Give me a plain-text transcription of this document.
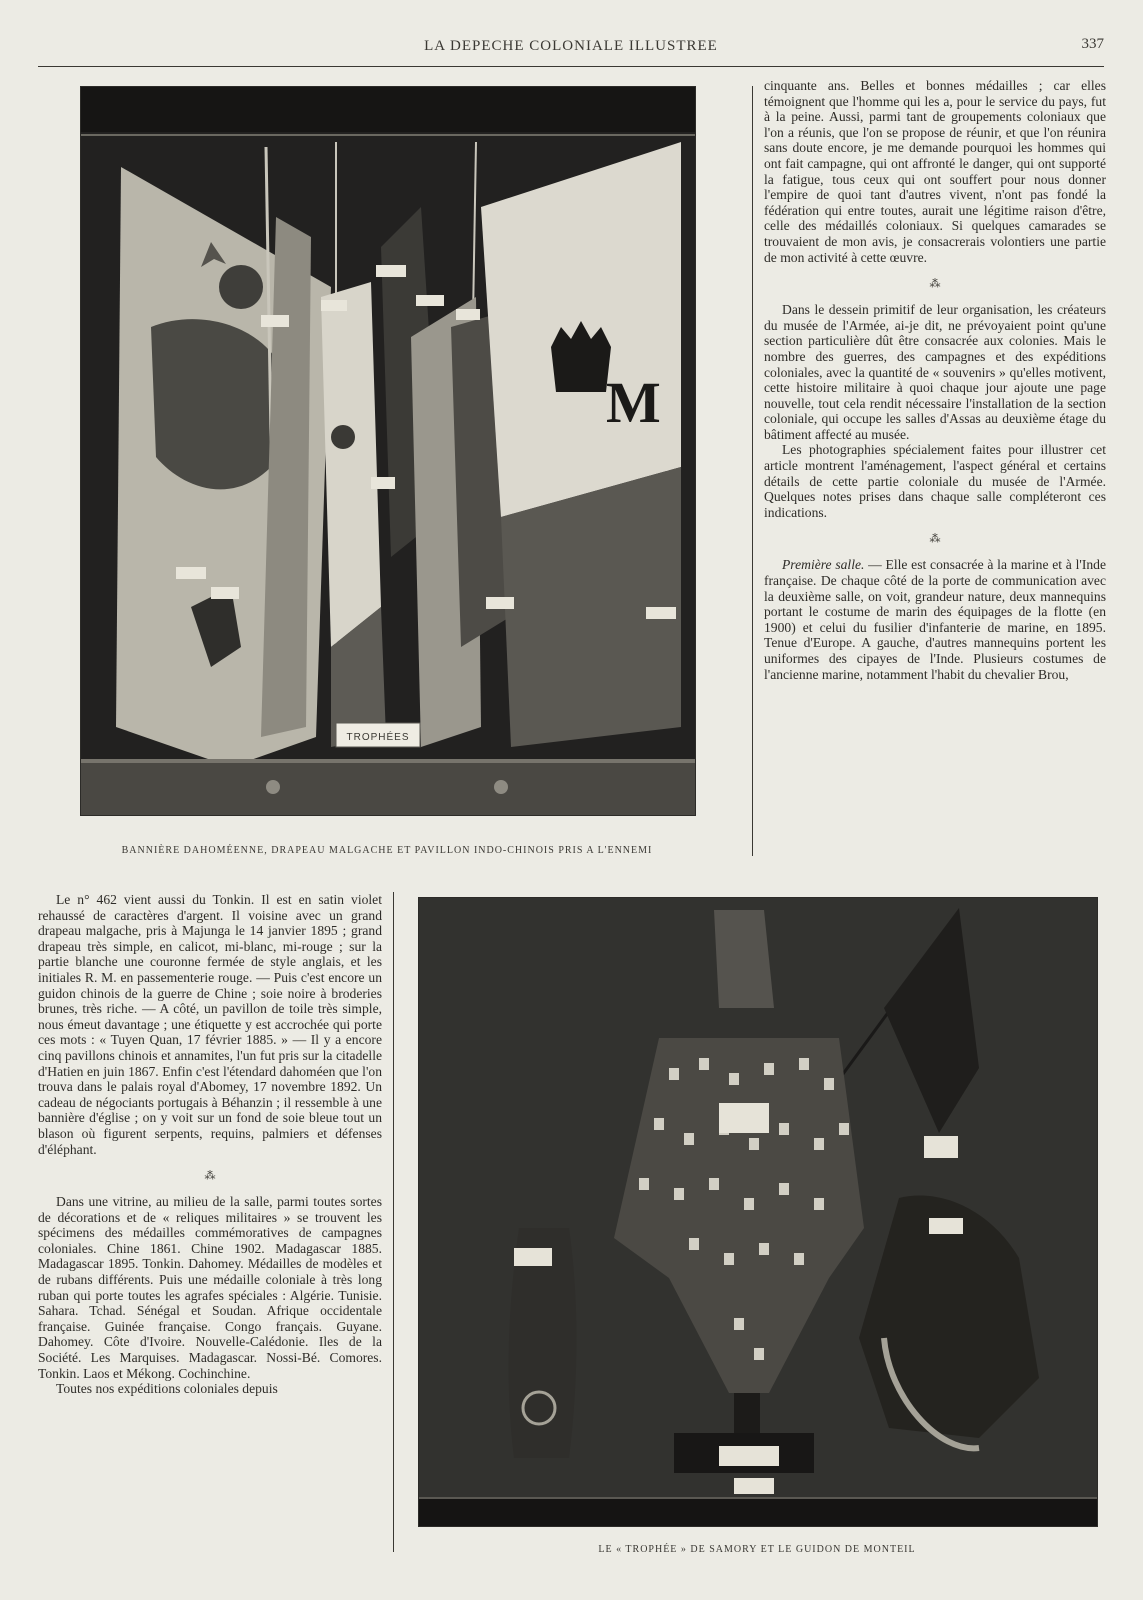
LA DEPECHE COLONIALE ILLUSTREE	337
M
TROPHÉES
BANNIÈRE DAHOMÉENNE, DRAPEAU MALGACHE ET PAVILLON INDO-CHINOIS PRIS A L'ENNEMI

cinquante ans. Belles et bonnes médailles ; car elles témoignent que l'homme qui les a, pour le service du pays, fut à la peine. Aussi, parmi tant de groupements coloniaux que l'on a réunis, que l'on se propose de réunir, et que l'on réunira sans doute encore, je me demande pourquoi les hommes qui ont fait campagne, qui ont affronté le danger, qui ont supporté la fatigue, tous ceux qui ont souffert pour nous donner l'empire de quoi tant d'autres vivent, n'ont pas fondé la fédération qui entre toutes, aurait une légitime raison d'être, celle des médaillés coloniaux. Si quelques camarades se trouvaient de mon avis, je consacrerais volontiers une partie de mon activité à cette œuvre.

⁂

Dans le dessein primitif de leur organisation, les créateurs du musée de l'Armée, ai-je dit, ne prévoyaient point qu'une section particulière dût être consacrée aux colonies. Mais le nombre des guerres, des campagnes et des expéditions coloniales, avec la quantité de « souvenirs » qu'elles motivent, cette histoire militaire à quoi chaque jour ajoute une page nouvelle, tout cela rendit nécessaire l'installation de la section coloniale, qui occupe les salles d'Assas au deuxième étage du bâtiment affecté au musée.

Les photographies spécialement faites pour illustrer cet article montrent l'aménagement, l'aspect général et certains détails de cette partie coloniale du musée de l'Armée. Quelques notes prises dans chaque salle compléteront ces indications.

⁂

Première salle. — Elle est consacrée à la marine et à l'Inde française. De chaque côté de la porte de communication avec la deuxième salle, on voit, grandeur nature, deux mannequins portant le costume de marin des équipages de la flotte (en 1900) et celui du fusilier d'infanterie de marine, en 1895. Tenue d'Europe. A gauche, d'autres mannequins portent les uniformes des cipayes de l'Inde. Plusieurs costumes de l'ancienne marine, notamment l'habit du chevalier Brou,

Le n° 462 vient aussi du Tonkin. Il est en satin violet rehaussé de caractères d'argent. Il voisine avec un grand drapeau malgache, pris à Majunga le 14 janvier 1895 ; grand drapeau très simple, en calicot, mi-blanc, mi-rouge ; sur la partie blanche une couronne fermée de style anglais, et les initiales R. M. en passementerie rouge. — Puis c'est encore un guidon chinois de la guerre de Chine ; soie noire à broderies brunes, très riche. — A côté, un pavillon de toile très simple, nous émeut davantage ; une étiquette y est accrochée qui porte ces mots : « Tuyen Quan, 17 février 1885. » — Il y a encore cinq pavillons chinois et annamites, l'un fut pris sur la citadelle d'Hatien en juin 1867. Enfin c'est l'étendard dahoméen que l'on trouva dans le palais royal d'Abomey, 17 novembre 1892. Un cadeau de négociants portugais à Béhanzin ; il ressemble à une bannière d'église ; on y voit sur un fond de soie bleue tout un blason où figurent serpents, requins, palmiers et défenses d'éléphant.

⁂

Dans une vitrine, au milieu de la salle, parmi toutes sortes de décorations et de « reliques militaires » se trouvent les spécimens des médailles commémoratives de campagnes coloniales. Chine 1861. Chine 1902. Madagascar 1885. Madagascar 1895. Tonkin. Dahomey. Médailles de modèles et de rubans différents. Puis une médaille coloniale à très long ruban qui porte toutes les agrafes spéciales : Algérie. Tunisie. Sahara. Tchad. Sénégal et Soudan. Afrique occidentale française. Guinée française. Congo français. Guyane. Dahomey. Côte d'Ivoire. Nouvelle-Calédonie. Iles de la Société. Les Marquises. Madagascar. Nossi-Bé. Comores. Tonkin. Laos et Mékong. Cochinchine.

Toutes nos expéditions coloniales depuis

LE « TROPHÉE » DE SAMORY ET LE GUIDON DE MONTEIL
